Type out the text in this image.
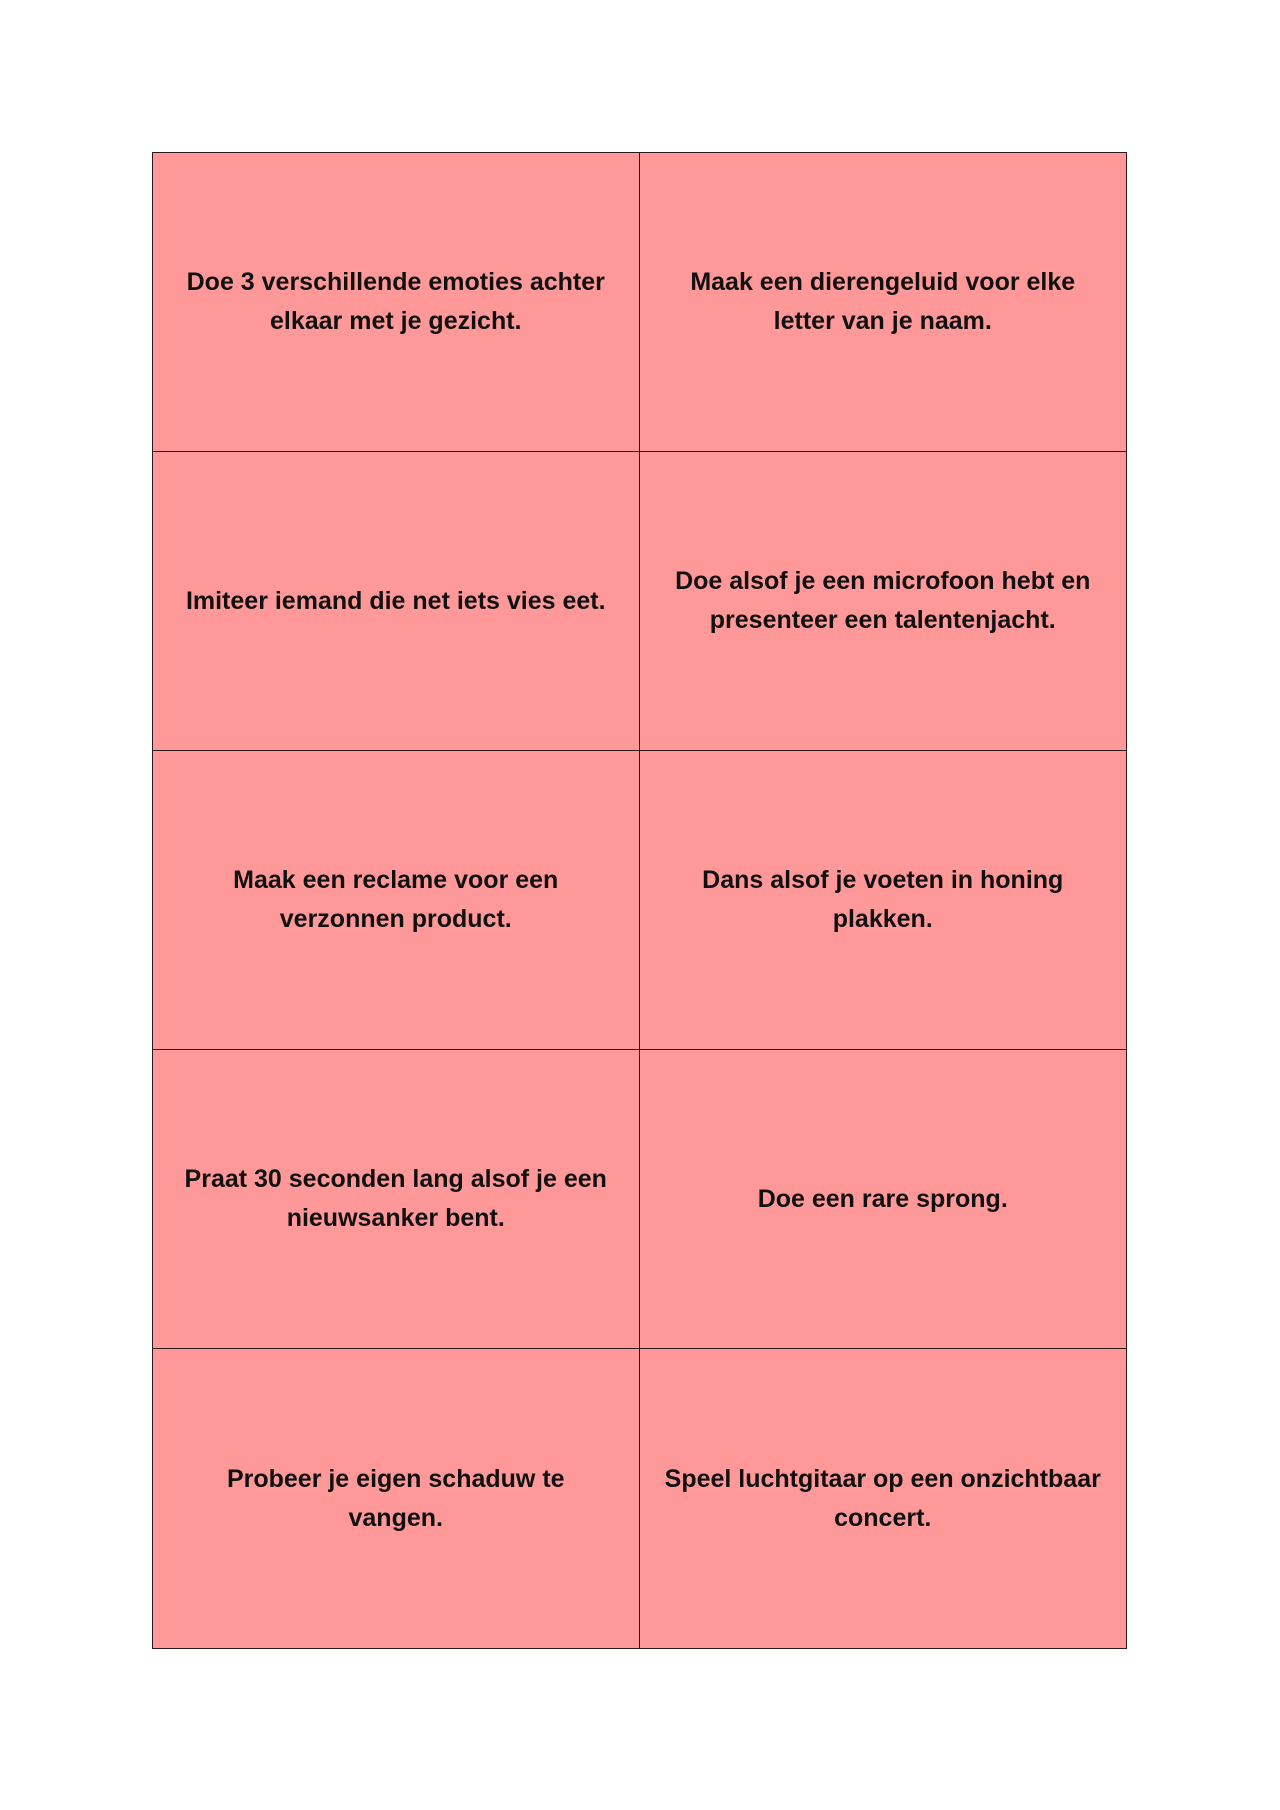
Doe 3 verschillende emoties achter elkaar met je gezicht.
Maak een dierengeluid voor elke letter van je naam.
Imiteer iemand die net iets vies eet.
Doe alsof je een microfoon hebt en presenteer een talentenjacht.
Maak een reclame voor een verzonnen product.
Dans alsof je voeten in honing plakken.
Praat 30 seconden lang alsof je een nieuwsanker bent.
Doe een rare sprong.
Probeer je eigen schaduw te vangen.
Speel luchtgitaar op een onzichtbaar concert.
